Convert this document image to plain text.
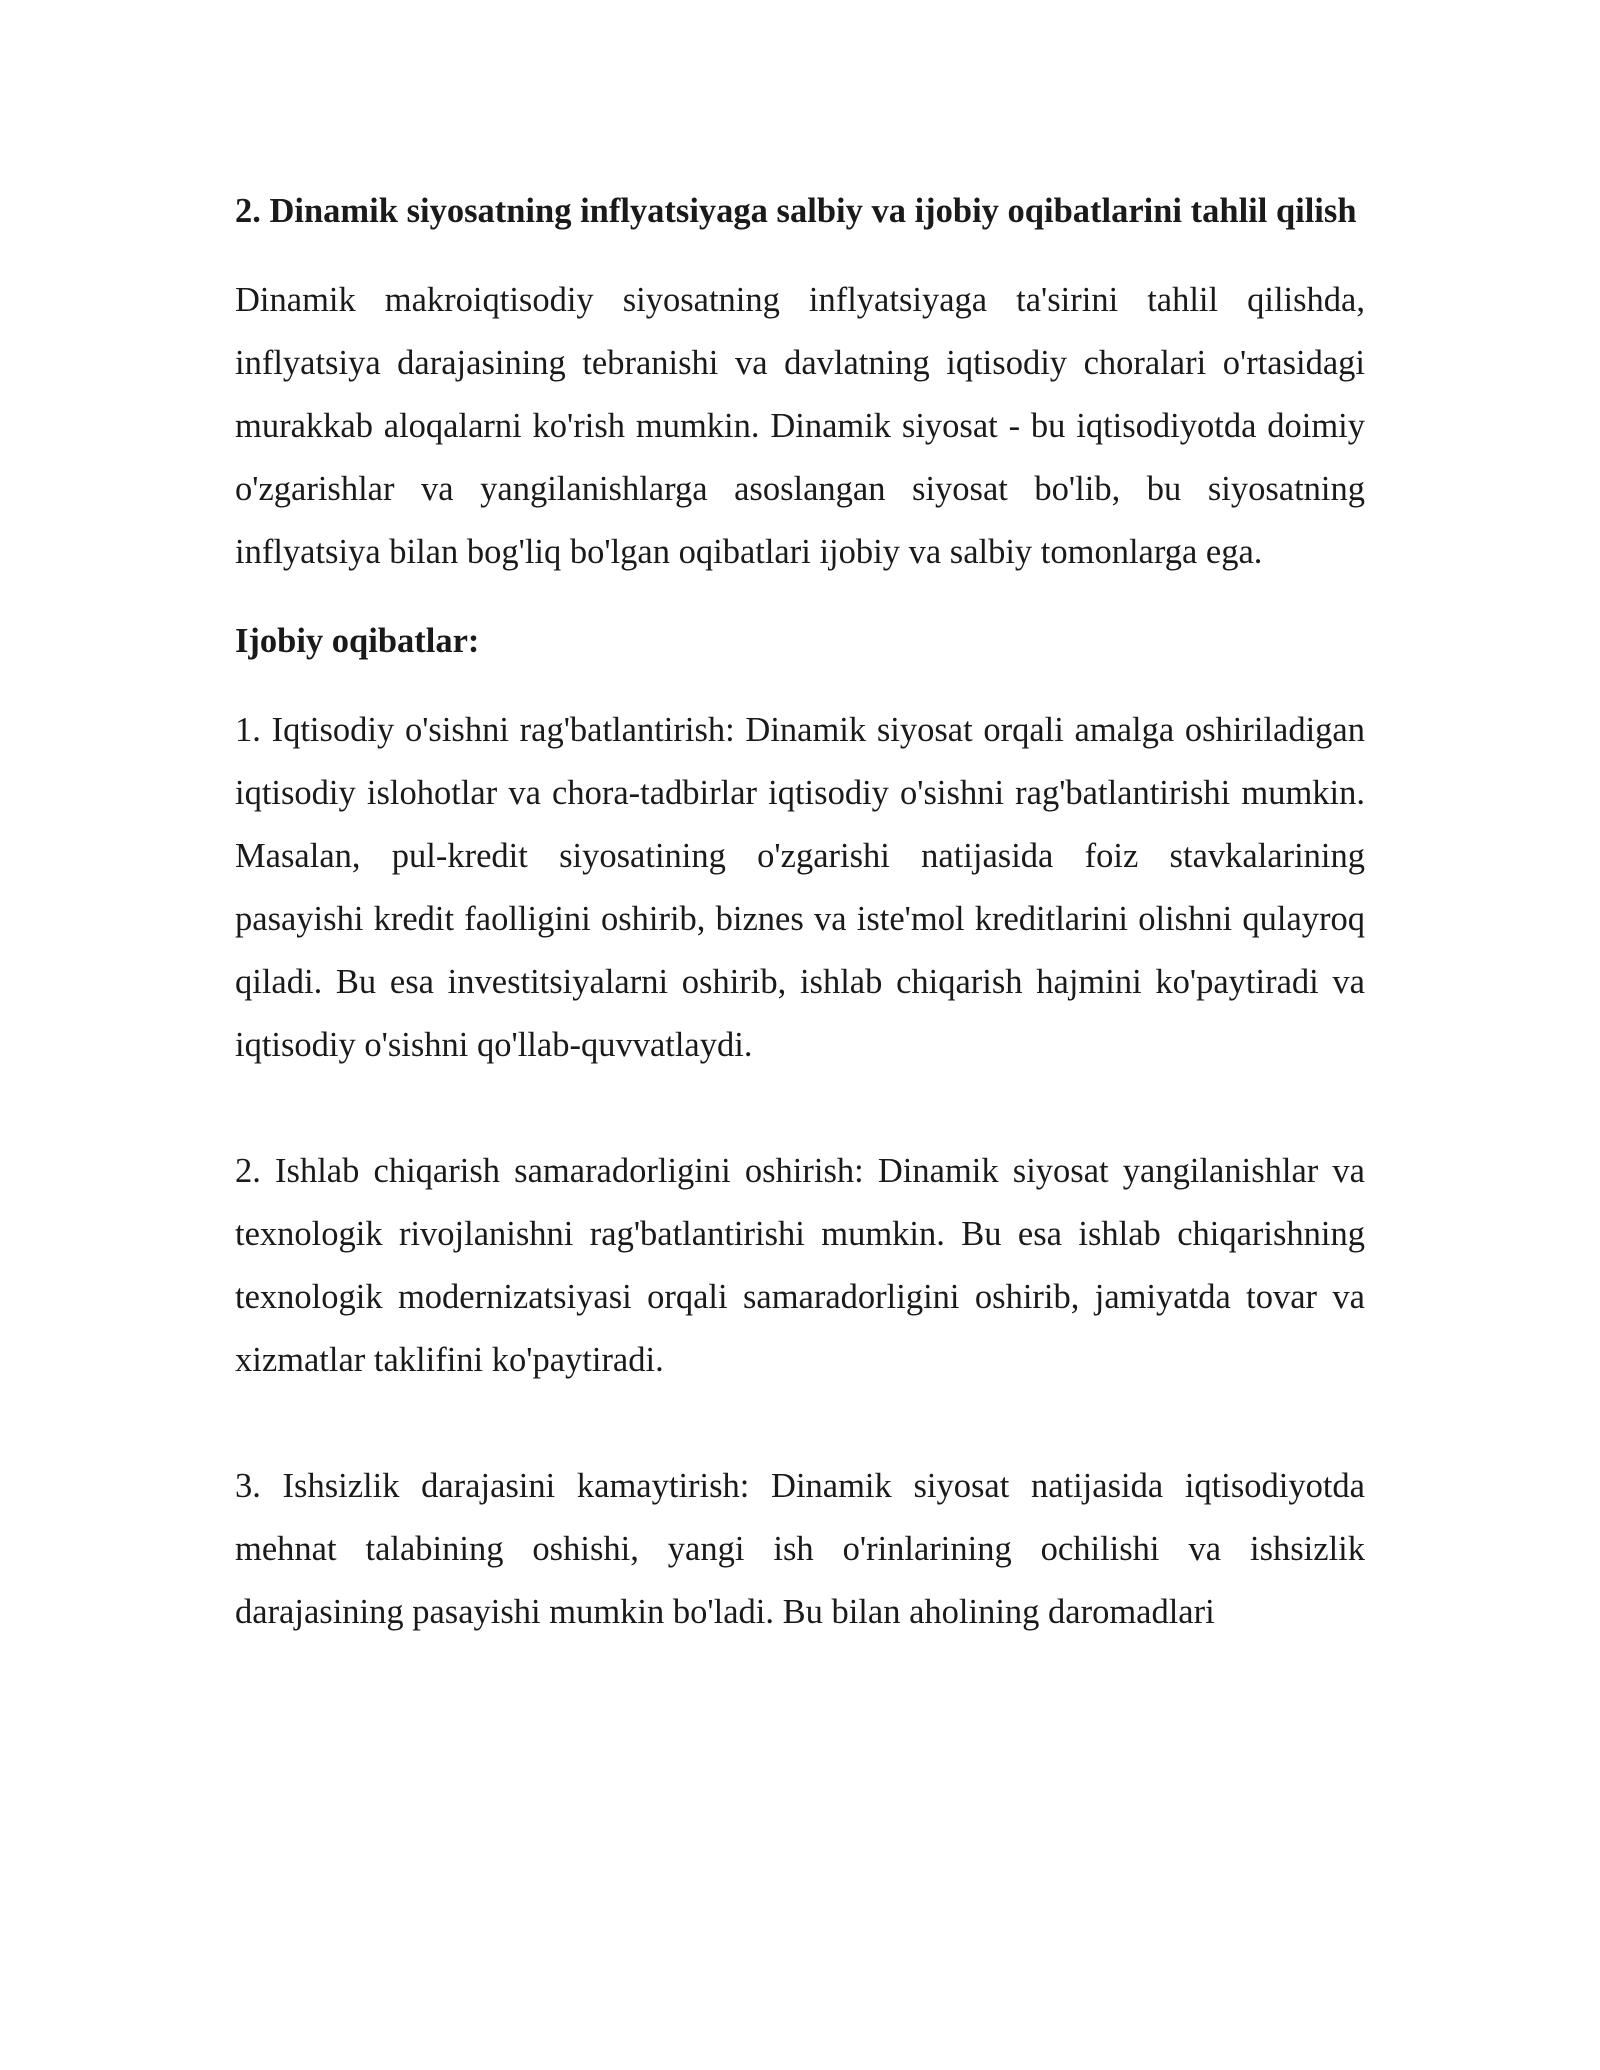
2. Dinamik siyosatning inflyatsiyaga salbiy va ijobiy oqibatlarini tahlil qilish

Dinamik makroiqtisodiy siyosatning inflyatsiyaga ta'sirini tahlil qilishda, inflyatsiya darajasining tebranishi va davlatning iqtisodiy choralari o'rtasidagi murakkab aloqalarni ko'rish mumkin. Dinamik siyosat - bu iqtisodiyotda doimiy o'zgarishlar va yangilanishlarga asoslangan siyosat bo'lib, bu siyosatning inflyatsiya bilan bog'liq bo'lgan oqibatlari ijobiy va salbiy tomonlarga ega.

Ijobiy oqibatlar:

1. Iqtisodiy o'sishni rag'batlantirish: Dinamik siyosat orqali amalga oshiriladigan iqtisodiy islohotlar va chora-tadbirlar iqtisodiy o'sishni rag'batlantirishi mumkin. Masalan, pul-kredit siyosatining o'zgarishi natijasida foiz stavkalarining pasayishi kredit faolligini oshirib, biznes va iste'mol kreditlarini olishni qulayroq qiladi. Bu esa investitsiyalarni oshirib, ishlab chiqarish hajmini ko'paytiradi va iqtisodiy o'sishni qo'llab-quvvatlaydi.

2. Ishlab chiqarish samaradorligini oshirish: Dinamik siyosat yangilanishlar va texnologik rivojlanishni rag'batlantirishi mumkin. Bu esa ishlab chiqarishning texnologik modernizatsiyasi orqali samaradorligini oshirib, jamiyatda tovar va xizmatlar taklifini ko'paytiradi.

3. Ishsizlik darajasini kamaytirish: Dinamik siyosat natijasida iqtisodiyotda mehnat talabining oshishi, yangi ish o'rinlarining ochilishi va ishsizlik darajasining pasayishi mumkin bo'ladi. Bu bilan aholining daromadlari
